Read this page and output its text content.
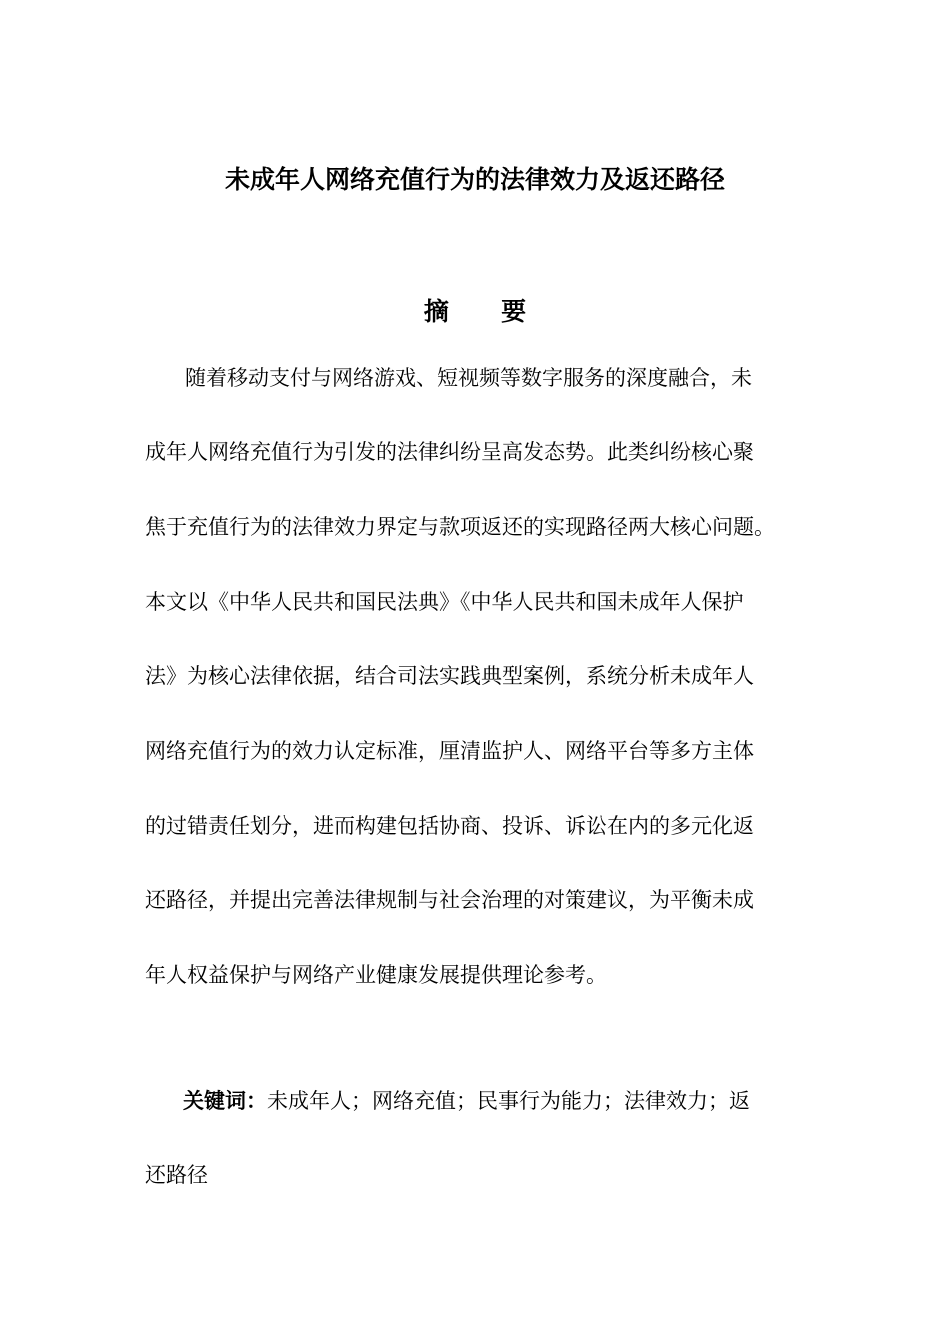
未成年人网络充值行为的法律效力及返还路径
摘      要
随着移动支付与网络游戏、短视频等数字服务的深度融合，未
成年人网络充值行为引发的法律纠纷呈高发态势。此类纠纷核心聚
焦于充值行为的法律效力界定与款项返还的实现路径两大核心问题。
本文以《中华人民共和国民法典》《中华人民共和国未成年人保护
法》为核心法律依据，结合司法实践典型案例，系统分析未成年人
网络充值行为的效力认定标准，厘清监护人、网络平台等多方主体
的过错责任划分，进而构建包括协商、投诉、诉讼在内的多元化返
还路径，并提出完善法律规制与社会治理的对策建议，为平衡未成
年人权益保护与网络产业健康发展提供理论参考。
关键词：未成年人；网络充值；民事行为能力；法律效力；返
还路径
